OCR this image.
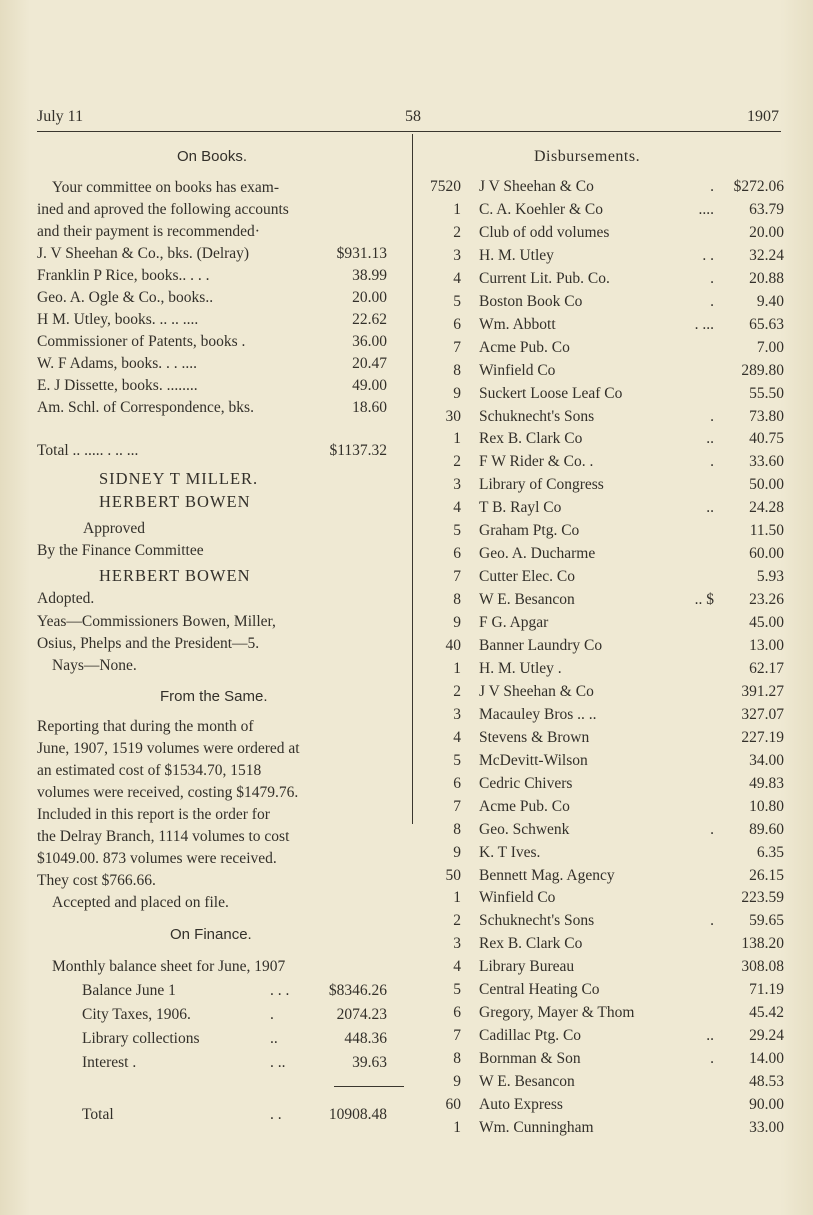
July 11	58	1907
On Books.
Your committee on books has exam-
ined and aproved the following accounts
and their payment is recommended·
J. V Sheehan & Co., bks. (Delray)	$931.13
Franklin P Rice, books.. . . .	38.99
Geo. A. Ogle & Co., books..	20.00
H M. Utley, books. .. .. ....	22.62
Commissioner of Patents, books .	36.00
W. F Adams, books. . . ....	20.47
E. J Dissette, books. ........	49.00
Am. Schl. of Correspondence, bks.	18.60
Total .. ..... . .. ...	$1137.32
SIDNEY T MILLER.
HERBERT BOWEN
Approved
By the Finance Committee
HERBERT BOWEN
Adopted.
Yeas—Commissioners Bowen, Miller,
Osius, Phelps and the President—5.
Nays—None.
From the Same.
Reporting that during the month of
June, 1907, 1519 volumes were ordered at
an estimated cost of $1534.70, 1518
volumes were received, costing $1479.76.
Included in this report is the order for
the Delray Branch, 1114 volumes to cost
$1049.00. 873 volumes were received.
They cost $766.66.
Accepted and placed on file.
On Finance.
Monthly balance sheet for June, 1907
Balance June 1	. . .	$8346.26
City Taxes, 1906.	.	2074.23
Library collections	..	448.36
Interest .	. ..	39.63
Total	. .	10908.48
Disbursements.
7520 J V Sheehan & Co	. $272.06
1 C. A. Koehler & Co	.... 63.79
2 Club of odd volumes	20.00
3 H. M. Utley	. . 32.24
4 Current Lit. Pub. Co.	. 20.88
5 Boston Book Co	.	9.40
6 Wm. Abbott	. ... 65.63
7 Acme Pub. Co	7.00
8 Winfield Co	289.80
9 Suckert Loose Leaf Co	55.50
30 Schuknecht's Sons	. 73.80
1 Rex B. Clark Co	.. 40.75
2 F W Rider & Co. .	. 33.60
3 Library of Congress	50.00
4 T B. Rayl Co	.. 24.28
5 Graham Ptg. Co	11.50
6 Geo. A. Ducharme	60.00
7 Cutter Elec. Co	5.93
8 W E. Besancon	.. $ 23.26
9 F G. Apgar	45.00
40 Banner Laundry Co	13.00
1 H. M. Utley .	62.17
2 J V Sheehan & Co	391.27
3 Macauley Bros .. ..	327.07
4 Stevens & Brown	227.19
5 McDevitt-Wilson	34.00
6 Cedric Chivers	49.83
7 Acme Pub. Co	10.80
8 Geo. Schwenk	. 89.60
9 K. T Ives.	6.35
50 Bennett Mag. Agency	26.15
1 Winfield Co	223.59
2 Schuknecht's Sons	. 59.65
3 Rex B. Clark Co	138.20
4 Library Bureau	308.08
5 Central Heating Co	71.19
6 Gregory, Mayer & Thom	45.42
7 Cadillac Ptg. Co	.. 29.24
8 Bornman & Son	. 14.00
9 W E. Besancon	48.53
60 Auto Express	90.00
1 Wm. Cunningham	33.00
